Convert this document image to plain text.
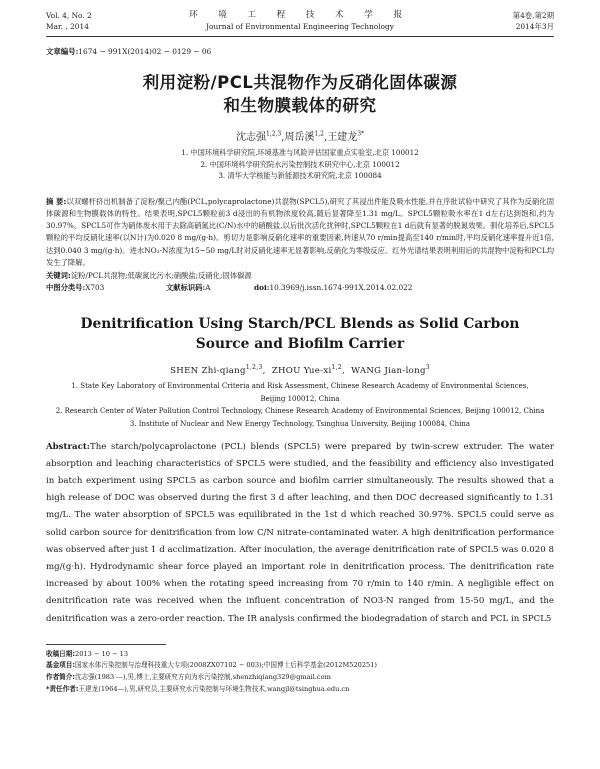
Vol. 4, No. 2
Mar. , 2014
环 境 工 程 技 术 学 报
Journal of Environmental Engineering Technology
第4卷,第2期
2014年3月
文章编号:1674 − 991X(2014)02 − 0129 − 06
利用淀粉/PCL共混物作为反硝化固体碳源
和生物膜载体的研究
沈志强$^{1,2,3}$,周岳溪$^{1,2}$,王建龙$^{3*}$
1. 中国环境科学研究院,环境基准与风险评估国家重点实验室,北京 100012
2. 中国环境科学研究院水污染控制技术研究中心,北京 100012
3. 清华大学核能与新能源技术研究院,北京 100084
摘 要:以双螺杆挤出机制备了淀粉/聚己内酯(PCL,polycaprolactone)共混物(SPCL5),研究了其浸出件能及吸水性能,并在序批试验中研究了其作为反硝化固体碳源和生物膜载体的特性。结果表明,SPCL5颗粒前3 d浸出的有机物浓度较高,随后显著降至1.31 mg/L。SPCL5颗粒吸水率在1 d左右达到饱和,约为30.97%。SPCL5可作为硝体废水用于去除高硝氮比(C/N)水中的硝酸盐,以后批次活化扰钟时,SPCL5颗粒在1 d后就有显著的脱氮效果。驯化培养后,SPCL5颗粒的平均反硝化速率(以N计)为0.020 8 mg/(g·h)。剪切力是影响反硝化速率的重要因素,转速从70 r/min提高至140 r/min时,平均反硝化速率提升近1倍,达到0.040 3 mg/(g·h)。进水NO₃-N浓度为15~50 mg/L时对反硝化速率无显著影响,反硝化为零级反应。红外光谱结果表明利用后的共混物中淀粉和PCL均发生了降解。
关键词:淀粉/PCL共混物;低碳氮比污水;硝酸盐;反硝化;固体碳源
中图分类号:X703	文献标识码:A	doi:10.3969/j.issn.1674-991X.2014.02.022
Denitrification Using Starch/PCL Blends as Solid Carbon
Source and Biofilm Carrier
SHEN Zhi-qiang$^{1,2,3}$,  ZHOU Yue-xi$^{1,2}$,  WANG Jian-long$^3$
1. State Key Laboratory of Environmental Criteria and Risk Assessment, Chinese Research Academy of Environmental Sciences,
Beijing 100012, China
2. Research Center of Water Pollution Control Technology, Chinese Research Academy of Environmental Sciences, Beijing 100012, China
3. Institute of Nuclear and New Energy Technology, Tsinghua University, Beijing 100084, China
Abstract:The starch/polycaprolactone (PCL) blends (SPCL5) were prepared by twin-screw extruder. The water absorption and leaching characteristics of SPCL5 were studied, and the feasibility and efficiency also investigated in batch experiment using SPCL5 as carbon source and biofilm carrier simultaneously. The results showed that a high release of DOC was observed during the first 3 d after leaching, and then DOC decreased significantly to 1.31 mg/L. The water absorption of SPCL5 was equilibrated in the 1st d which reached 30.97%. SPCL5 could serve as solid carbon source for denitrification from low C/N nitrate-contaminated water. A high denitrification performance was observed after just 1 d acclimatization. After inoculation, the average denitrification rate of SPCL5 was 0.020 8 mg/(g·h). Hydrodynamic shear force played an important role in denitrification process. The denitrification rate increased by about 100% when the rotating speed increasing from 70 r/min to 140 r/min. A negligible effect on denitrification rate was received when the influent concentration of NO3-N ranged from 15-50 mg/L, and the denitrification was a zero-order reaction. The IR analysis confirmed the biodegradation of starch and PCL in SPCL5
收稿日期:2013 − 10 − 13
基金项目:国家水体污染控制与治理科技重大专项(2008ZX07102 − 003);中国博士后科学基金(2012M520251)
作者简介:沈志强(1983 —),男,博士,主要研究方向为水污染控制,shenzhiqiang329@gmail.com
*责任作者:王建龙(1964—),男,研究员,主要研究水污染控制与环境生物技术,wangjl@tsinghua.edu.cn
